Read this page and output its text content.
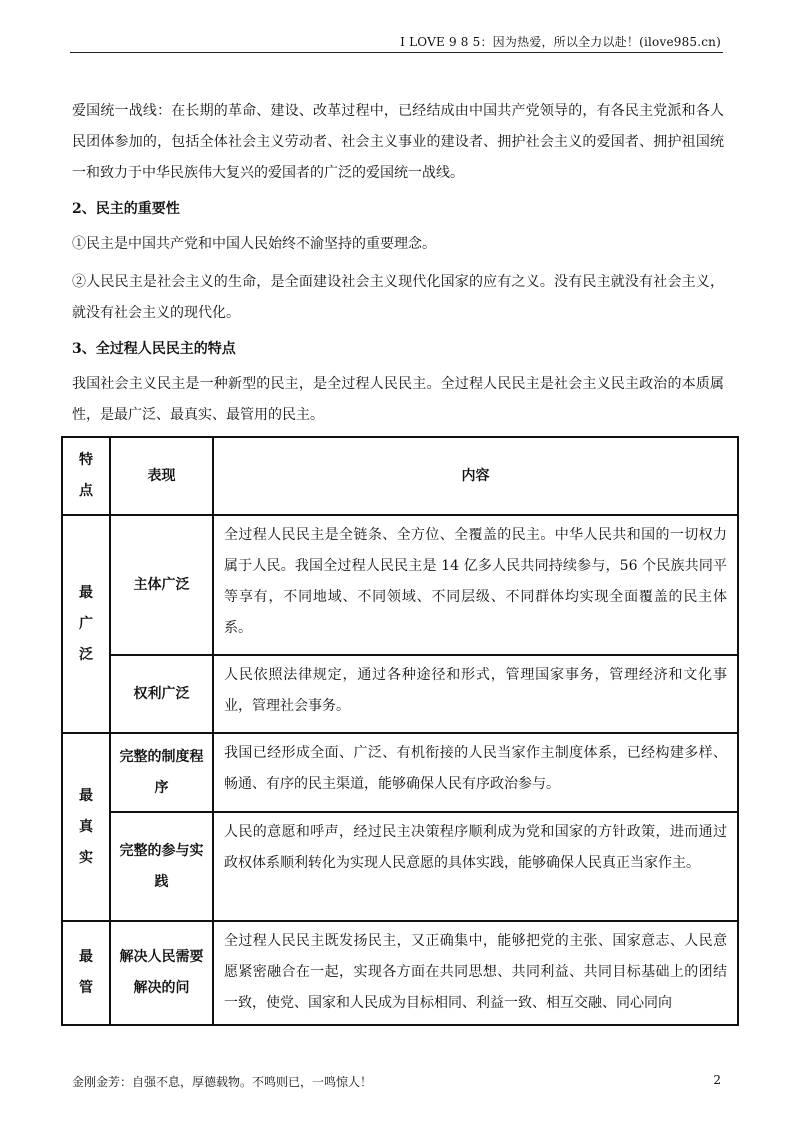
I LOVE 9 8 5：因为热爱，所以全力以赴！(ilove985.cn)

爱国统一战线：在长期的革命、建设、改革过程中，已经结成由中国共产党领导的，有各民主党派和各人民团体参加的，包括全体社会主义劳动者、社会主义事业的建设者、拥护社会主义的爱国者、拥护祖国统一和致力于中华民族伟大复兴的爱国者的广泛的爱国统一战线。

2、民主的重要性

①民主是中国共产党和中国人民始终不渝坚持的重要理念。

②人民民主是社会主义的生命，是全面建设社会主义现代化国家的应有之义。没有民主就没有社会主义，就没有社会主义的现代化。

3、全过程人民民主的特点

我国社会主义民主是一种新型的民主，是全过程人民民主。全过程人民民主是社会主义民主政治的本质属性，是最广泛、最真实、最管用的民主。

特
点	表现	内容

最
广
泛	主体广泛	全过程人民民主是全链条、全方位、全覆盖的民主。中华人民共和国的一切权力属于人民。我国全过程人民民主是 14 亿多人民共同持续参与，56 个民族共同平等享有，不同地域、不同领域、不同层级、不同群体均实现全面覆盖的民主体系。
	权利广泛	人民依照法律规定，通过各种途径和形式，管理国家事务，管理经济和文化事业，管理社会事务。

最
真
实	完整的制度程序	我国已经形成全面、广泛、有机衔接的人民当家作主制度体系，已经构建多样、畅通、有序的民主渠道，能够确保人民有序政治参与。
	完整的参与实践	人民的意愿和呼声，经过民主决策程序顺利成为党和国家的方针政策，进而通过政权体系顺利转化为实现人民意愿的具体实践，能够确保人民真正当家作主。

最
管	解决人民需要解决的问	全过程人民民主既发扬民主，又正确集中，能够把党的主张、国家意志、人民意愿紧密融合在一起，实现各方面在共同思想、共同利益、共同目标基础上的团结一致，使党、国家和人民成为目标相同、利益一致、相互交融、同心同向
金刚金芳：自强不息，厚德载物。不鸣则已，一鸣惊人！	2
